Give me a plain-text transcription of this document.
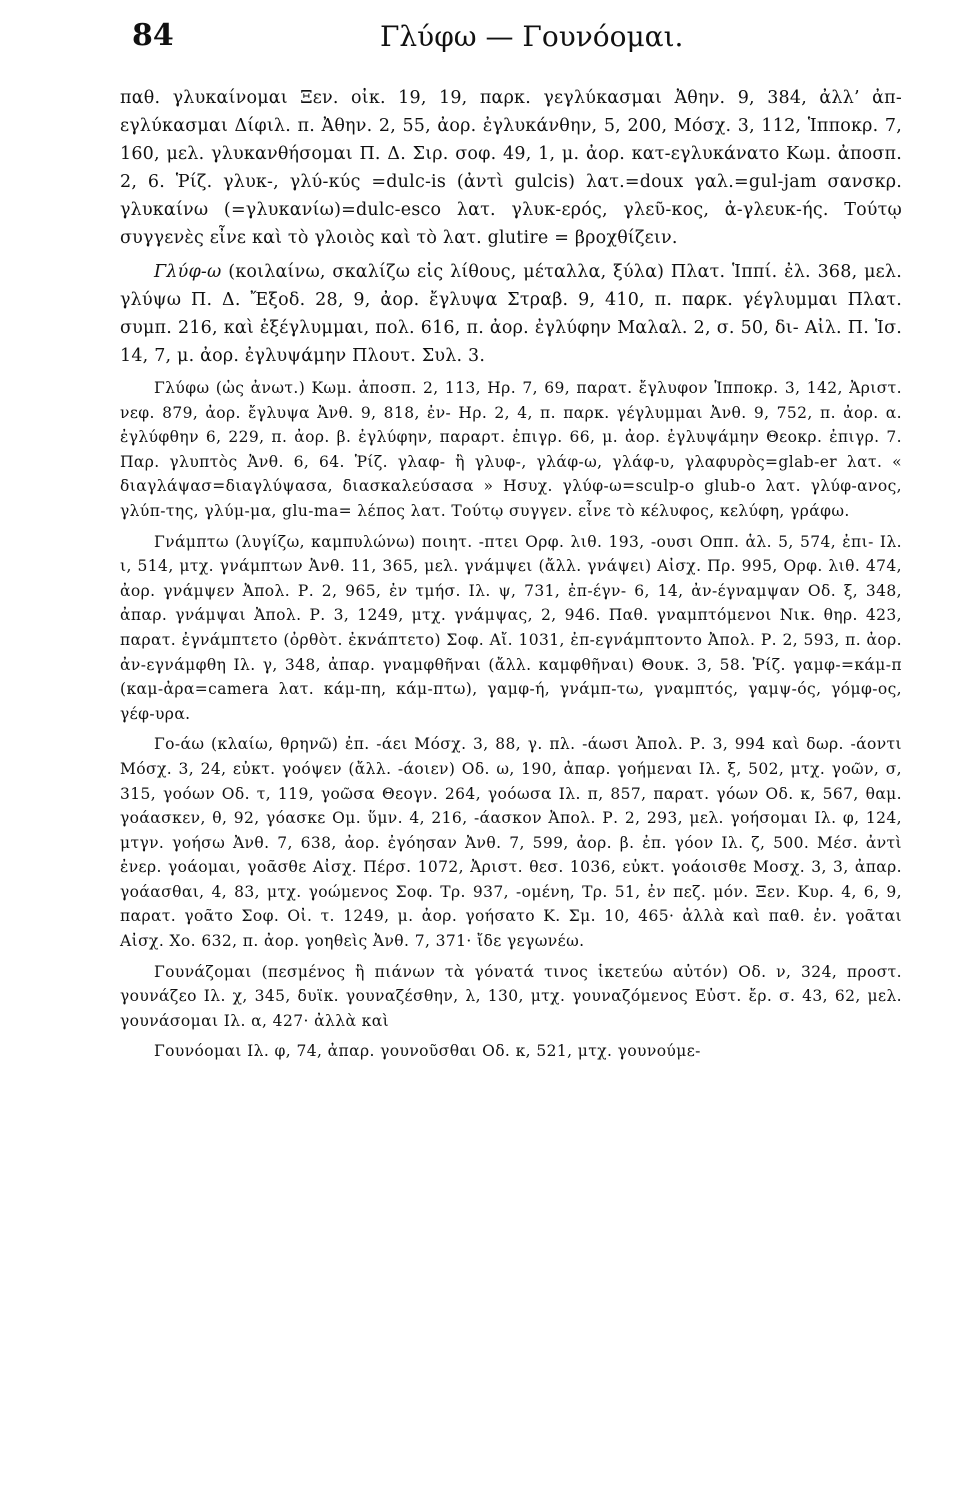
84	Γλύφω — Γουνόομαι.

παθ. γλυκαίνομαι Ξεν. οἰκ. 19, 19, παρκ. γεγλύκασμαι Ἀθην. 9, 384, ἀλλ’ ἀπ-εγλύκασμαι Δίφιλ. π. Ἀθην. 2, 55, ἀορ. ἐγλυκάνθην, 5, 200, Μόσχ. 3, 112, Ἱπποκρ. 7, 160, μελ. γλυκανθήσομαι Π. Δ. Σιρ. σοφ. 49, 1, μ. ἀορ. κατ-εγλυκάνατο Κωμ. ἀποσπ. 2, 6. Ῥίζ. γλυκ-, γλύ-κύς =dulc-is (ἀντὶ gulcis) λατ.=doux γαλ.=gul-jam σανσκρ. γλυκαίνω (=γλυκανίω)=dulc-esco λατ. γλυκ-ερός, γλεῦ-κος, ἀ-γλευκ-ής. Τούτῳ συγγενὲς εἶνε καὶ τὸ γλοιὸς καὶ τὸ λατ. glutire = βροχθίζειν.

Γλύφ-ω (κοιλαίνω, σκαλίζω εἰς λίθους, μέταλλα, ξύλα) Πλατ. Ἱππί. ἐλ. 368, μελ. γλύψω Π. Δ. Ἔξοδ. 28, 9, ἀορ. ἔγλυψα Στραβ. 9, 410, π. παρκ. γέγλυμμαι Πλατ. συμπ. 216, καὶ ἐξέγλυμμαι, πολ. 616, π. ἀορ. ἐγλύφην Μαλαλ. 2, σ. 50, δι- Αἰλ. Π. Ἱσ. 14, 7, μ. ἀορ. ἐγλυψάμην Πλουτ. Συλ. 3.

Γλύφω (ὡς ἀνωτ.) Κωμ. ἀποσπ. 2, 113, Ηρ. 7, 69, παρατ. ἔγλυφον Ἱπποκρ. 3, 142, Ἀριστ. νεφ. 879, ἀορ. ἔγλυψα Ἀνθ. 9, 818, ἐν- Ηρ. 2, 4, π. παρκ. γέγλυμμαι Ἀνθ. 9, 752, π. ἀορ. α. ἐγλύφθην 6, 229, π. ἀορ. β. ἐγλύφην, παραρτ. ἐπιγρ. 66, μ. ἀορ. ἐγλυψάμην Θεοκρ. ἐπιγρ. 7. Παρ. γλυπτὸς Ἀνθ. 6, 64. Ῥίζ. γλαφ- ἢ γλυφ-, γλάφ-ω, γλάφ-υ, γλαφυρὸς=glab-er λατ. « διαγλάψασ=διαγλύψασα, διασκαλεύσασα » Ησυχ. γλύφ-ω=sculp-o glub-o λατ. γλύφ-ανος, γλύπ-της, γλύμ-μα, glu-ma= λέπος λατ. Τούτῳ συγγεν. εἶνε τὸ κέλυφος, κελύφη, γράφω.

Γνάμπτω (λυγίζω, καμπυλώνω) ποιητ. -πτει Ορφ. λιθ. 193, -ουσι Οππ. ἁλ. 5, 574, ἐπι- Ιλ. ι, 514, μτχ. γνάμπτων Ἀνθ. 11, 365, μελ. γνάμψει (ἄλλ. γνάψει) Αἰσχ. Πρ. 995, Ορφ. λιθ. 474, ἀορ. γνάμψεν Ἀπολ. Ρ. 2, 965, ἐν τμήσ. Ιλ. ψ, 731, ἐπ-έγν- 6, 14, ἀν-έγναμψαν Οδ. ξ, 348, ἀπαρ. γνάμψαι Ἀπολ. Ρ. 3, 1249, μτχ. γνάμψας, 2, 946. Παθ. γναμπτόμενοι Νικ. θηρ. 423, παρατ. ἐγνάμπτετο (ὀρθὸτ. ἐκνάπτετο) Σοφ. Αἴ. 1031, ἐπ-εγνάμπτοντο Ἀπολ. Ρ. 2, 593, π. ἀορ. ἀν-εγνάμφθη Ιλ. γ, 348, ἀπαρ. γναμφθῆναι (ἄλλ. καμφθῆναι) Θουκ. 3, 58. Ῥίζ. γαμφ-=κάμ-π (καμ-ἀρα=camera λατ. κάμ-πη, κάμ-πτω), γαμφ-ή, γνάμπ-τω, γναμπτός, γαμψ-ός, γόμφ-ος, γέφ-υρα.

Γο-άω (κλαίω, θρηνῶ) ἐπ. -άει Μόσχ. 3, 88, γ. πλ. -άωσι Ἀπολ. Ρ. 3, 994 καὶ δωρ. -άοντι Μόσχ. 3, 24, εὐκτ. γοόψεν (ἄλλ. -άοιεν) Οδ. ω, 190, ἀπαρ. γοήμεναι Ιλ. ξ, 502, μτχ. γοῶν, σ, 315, γοόων Οδ. τ, 119, γοῶσα Θεογν. 264, γοόωσα Ιλ. π, 857, παρατ. γόων Οδ. κ, 567, θαμ. γοάασκεν, θ, 92, γόασκε Ομ. ὕμν. 4, 216, -άασκον Ἀπολ. Ρ. 2, 293, μελ. γοήσομαι Ιλ. φ, 124, μτγν. γοήσω Ἀνθ. 7, 638, ἀορ. ἐγόησαν Ἀνθ. 7, 599, ἀορ. β. ἐπ. γόον Ιλ. ζ, 500. Μέσ. ἀντὶ ἐνερ. γοάομαι, γοᾶσθε Αἰσχ. Πέρσ. 1072, Ἀριστ. θεσ. 1036, εὐκτ. γοάοισθε Μοσχ. 3, 3, ἀπαρ. γοάασθαι, 4, 83, μτχ. γοώμενος Σοφ. Τρ. 937, -ομένη, Τρ. 51, ἐν πεζ. μόν. Ξεν. Κυρ. 4, 6, 9, παρατ. γοᾶτο Σοφ. Οἰ. τ. 1249, μ. ἀορ. γοήσατο Κ. Σμ. 10, 465· ἀλλὰ καὶ παθ. ἐν. γοᾶται Αἰσχ. Χο. 632, π. ἀορ. γοηθεὶς Ἀνθ. 7, 371· ἴδε γεγωνέω.

Γουνάζομαι (πεσμένος ἢ πιάνων τὰ γόνατά τινος ἱκετεύω αὐτόν) Οδ. ν, 324, προστ. γουνάζεο Ιλ. χ, 345, δυϊκ. γουναζέσθην, λ, 130, μτχ. γουναζόμενος Εὐστ. ἔρ. σ. 43, 62, μελ. γουνάσομαι Ιλ. α, 427· ἀλλὰ καὶ

Γουνόομαι Ιλ. φ, 74, ἀπαρ. γουνοῦσθαι Οδ. κ, 521, μτχ. γουνούμε-
